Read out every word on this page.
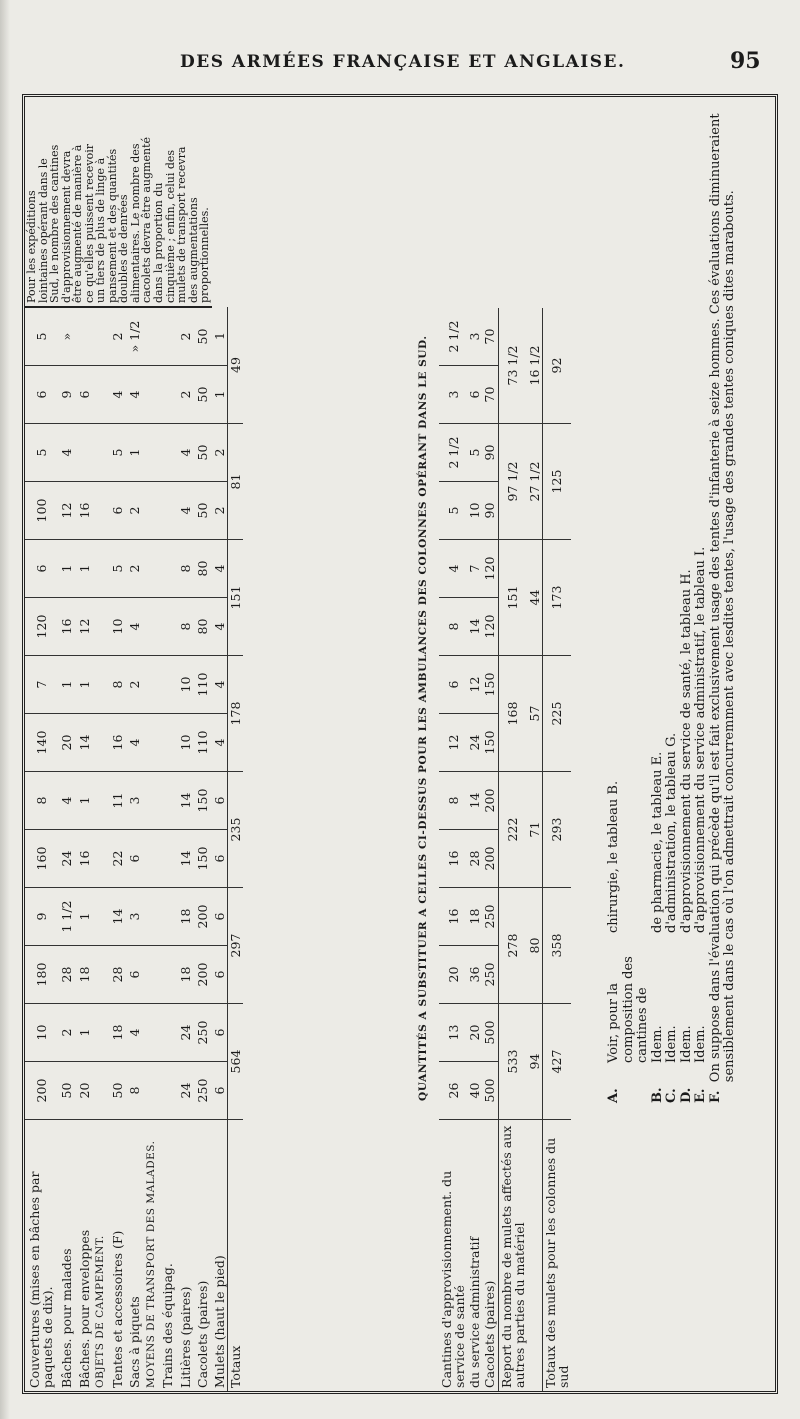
DES ARMÉES FRANÇAISE ET ANGLAISE.	95
Couvertures (mises en bâches par paquets de dix).	200	10	180	9	160	8	140	7	120	6	100	5	6	5	Pour les expéditions lointaines opérant dans le Sud, le nombre des cantines d'approvisionnement devra être augmenté de manière à ce qu'elles puissent recevoir un tiers de plus de linge à pansement et des quantités doubles de denrées alimentaires. Le nombre des cacolets devra être augmenté dans la proportion du cinquième ; enfin, celui des mulets de transport recevra des augmentations proportionnelles.
Bâches. pour malades	50	2	28	1 1/2	24	4	20	1	16	1	12	4	9	»	
Bâches. pour enveloppes	20	1	18	1	16	1	14	1	12	1	16		6		
OBJETS DE CAMPEMENT.															
Tentes et accessoires (F)	50	18	28	14	22	11	16	8	10	5	6	5	4	2	
Sacs à piquets	8	4	6	3	6	3	4	2	4	2	2	1	4	» 1/2	
MOYENS DE TRANSPORT DES MALADES.															
Trains des équipag.															
Litières (paires)	24	24	18	18	14	14	10	10	8	8	4	4	2	2	
Cacolets (paires)	250	250	200	200	150	150	110	110	80	80	50	50	50	50	
Mulets (haut le pied)	6	6	6	6	6	6	4	4	4	4	2	2	1	1	
Totaux	564		297		235		178		151		81		49			QUANTITÉS A SUBSTITUER A CELLES CI-DESSUS POUR LES AMBULANCES DES COLONNES OPÉRANT DANS LE SUD.
Cantines d'approvisionnement. du service de santé	26	13	20	16	16	8	12	6	8	4	5	2 1/2	3	2 1/2
du service administratif	40	20	36	18	28	14	24	12	14	7	10	5	6	3
Cacolets (paires)	500	500	250	250	200	200	150	150	120	120	90	90	70	70
Report du nombre de mulets affectés aux autres parties du matériel	533		278		222		168		151		97 1/2		73 1/2	
	94		80		71		57		44		27 1/2		16 1/2	
Totaux des mulets pour les colonnes du sud	427		358		293		225		173		125		92	
A.
Voir, pour la composition des cantines de
chirurgie, le tableau B.
B.
Idem.
de pharmacie, le tableau E.
C.
Idem.
d'administration, le tableau G.
D.
Idem.
d'approvisionnement du service de santé, le tableau H.
E.
Idem.
d'approvisionnement du service administratif, le tableau I.
F.
On suppose dans l'évaluation qui précède qu'il est fait exclusivement usage des tentes d'infanterie à seize hommes. Ces évaluations diminueraient sensiblement dans le cas où l'on admettrait concurremment avec lesdites tentes, l'usage des grandes tentes coniques dites marabouts.
